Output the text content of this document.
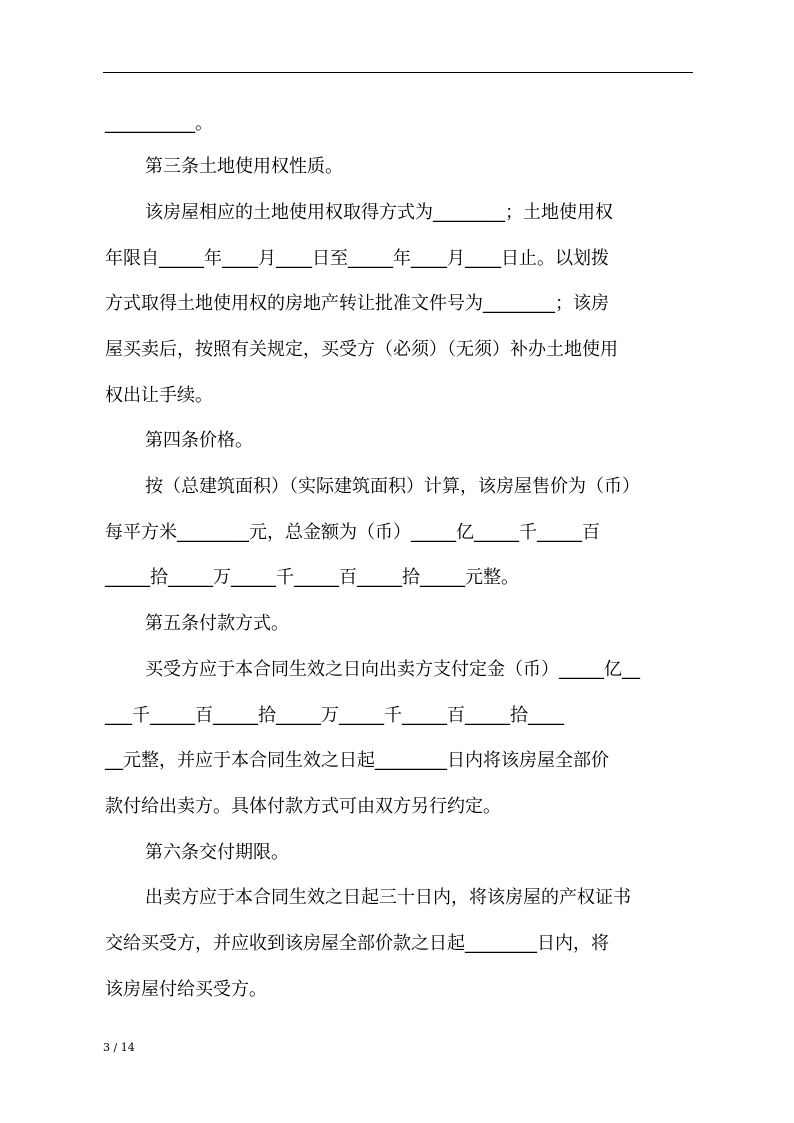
__________。
第三条土地使用权性质。
该房屋相应的土地使用权取得方式为________；土地使用权
年限自_____年____月____日至_____年____月____日止。以划拨
方式取得土地使用权的房地产转让批准文件号为________；该房
屋买卖后，按照有关规定，买受方（必须）（无须）补办土地使用
权出让手续。
第四条价格。
按（总建筑面积）（实际建筑面积）计算，该房屋售价为（币）
每平方米________元，总金额为（币）_____亿_____千_____百
_____拾_____万_____千_____百_____拾_____元整。
第五条付款方式。
买受方应于本合同生效之日向出卖方支付定金（币）_____亿__
___千_____百_____拾_____万_____千_____百_____拾____
__元整，并应于本合同生效之日起________日内将该房屋全部价
款付给出卖方。具体付款方式可由双方另行约定。
第六条交付期限。
出卖方应于本合同生效之日起三十日内，将该房屋的产权证书
交给买受方，并应收到该房屋全部价款之日起________日内，将
该房屋付给买受方。
3 / 14
